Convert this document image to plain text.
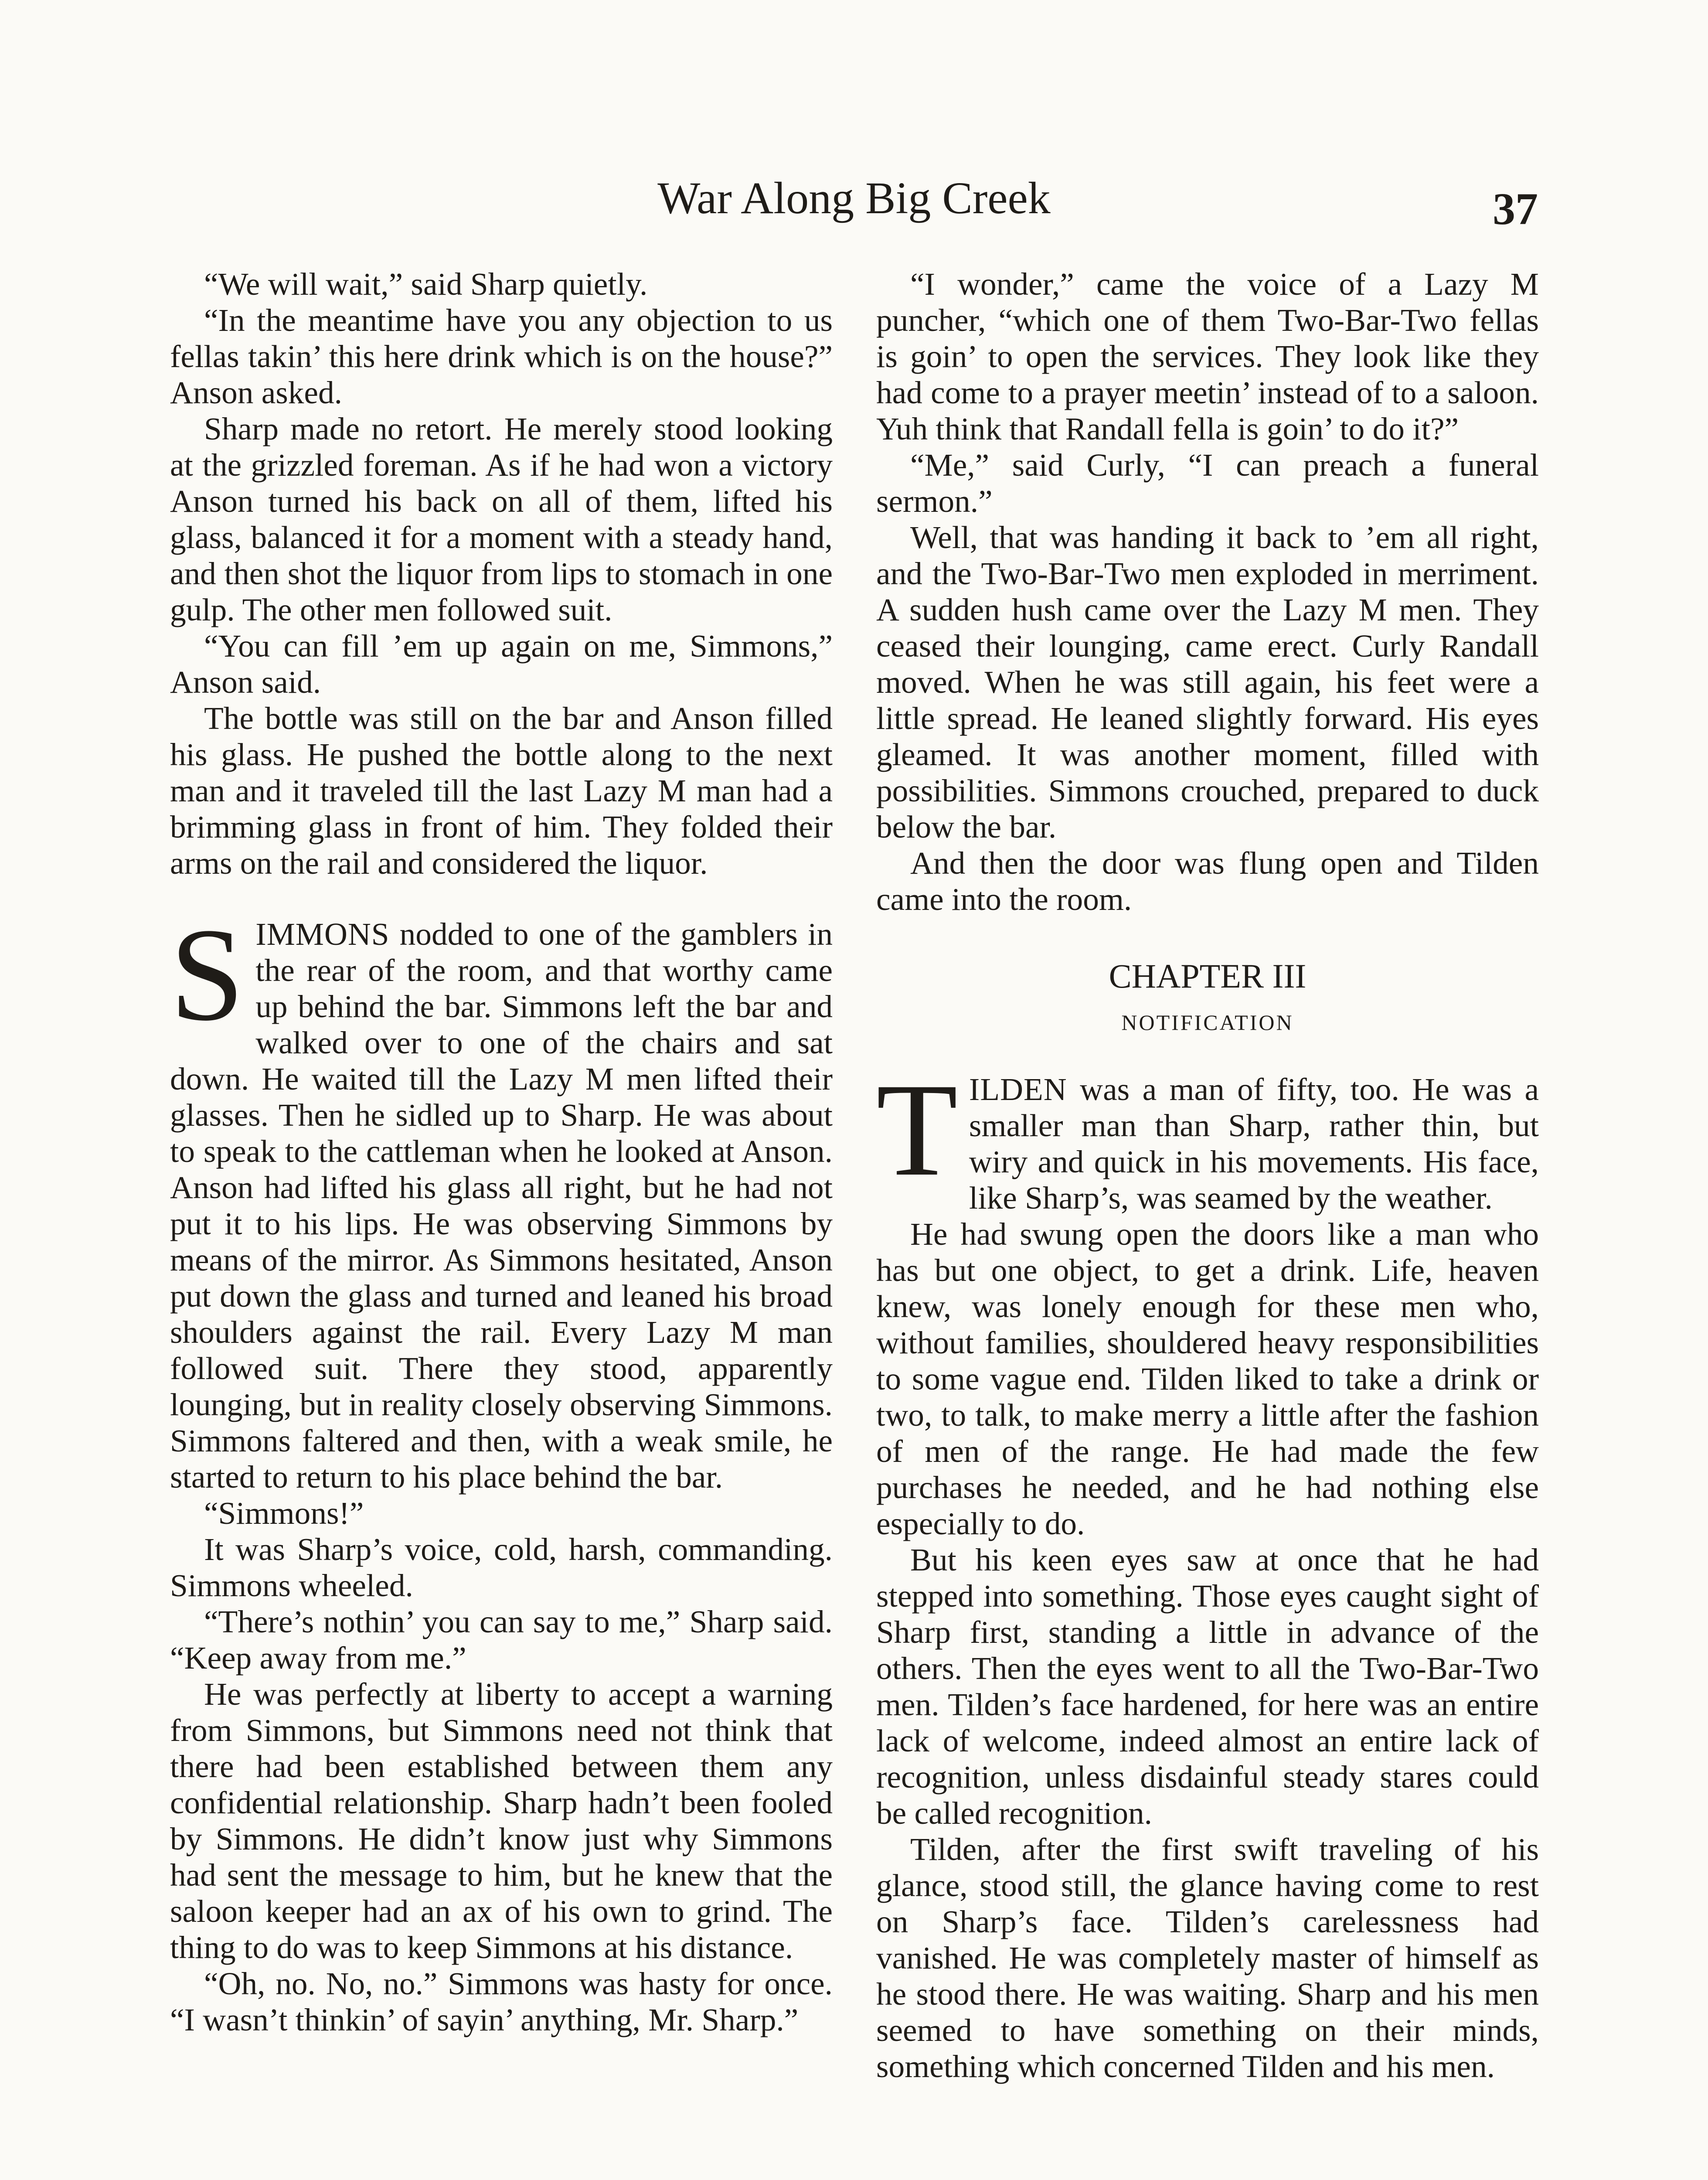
War Along Big Creek	37

“We will wait,” said Sharp quietly.

“In the meantime have you any objection to us fellas takin’ this here drink which is on the house?” Anson asked.

Sharp made no retort. He merely stood looking at the grizzled foreman. As if he had won a victory Anson turned his back on all of them, lifted his glass, balanced it for a moment with a steady hand, and then shot the liquor from lips to stomach in one gulp. The other men followed suit.

“You can fill ’em up again on me, Simmons,” Anson said.

The bottle was still on the bar and Anson filled his glass. He pushed the bottle along to the next man and it traveled till the last Lazy M man had a brimming glass in front of him. They folded their arms on the rail and considered the liquor.

SIMMONS nodded to one of the gamblers in the rear of the room, and that worthy came up behind the bar. Simmons left the bar and walked over to one of the chairs and sat down. He waited till the Lazy M men lifted their glasses. Then he sidled up to Sharp. He was about to speak to the cattleman when he looked at Anson. Anson had lifted his glass all right, but he had not put it to his lips. He was observing Simmons by means of the mirror. As Simmons hesitated, Anson put down the glass and turned and leaned his broad shoulders against the rail. Every Lazy M man followed suit. There they stood, apparently lounging, but in reality closely observing Simmons. Simmons faltered and then, with a weak smile, he started to return to his place behind the bar.

“Simmons!”

It was Sharp’s voice, cold, harsh, commanding. Simmons wheeled.

“There’s nothin’ you can say to me,” Sharp said. “Keep away from me.”

He was perfectly at liberty to accept a warning from Simmons, but Simmons need not think that there had been established between them any confidential relationship. Sharp hadn’t been fooled by Simmons. He didn’t know just why Simmons had sent the message to him, but he knew that the saloon keeper had an ax of his own to grind. The thing to do was to keep Simmons at his distance.

“Oh, no. No, no.” Simmons was hasty for once. “I wasn’t thinkin’ of sayin’ anything, Mr. Sharp.”

“I wonder,” came the voice of a Lazy M puncher, “which one of them Two-Bar-Two fellas is goin’ to open the services. They look like they had come to a prayer meetin’ instead of to a saloon. Yuh think that Randall fella is goin’ to do it?”

“Me,” said Curly, “I can preach a funeral sermon.”

Well, that was handing it back to ’em all right, and the Two-Bar-Two men exploded in merriment. A sudden hush came over the Lazy M men. They ceased their lounging, came erect. Curly Randall moved. When he was still again, his feet were a little spread. He leaned slightly forward. His eyes gleamed. It was another moment, filled with possibilities. Simmons crouched, prepared to duck below the bar.

And then the door was flung open and Tilden came into the room.

CHAPTER III
NOTIFICATION

TILDEN was a man of fifty, too. He was a smaller man than Sharp, rather thin, but wiry and quick in his movements. His face, like Sharp’s, was seamed by the weather.

He had swung open the doors like a man who has but one object, to get a drink. Life, heaven knew, was lonely enough for these men who, without families, shouldered heavy responsibilities to some vague end. Tilden liked to take a drink or two, to talk, to make merry a little after the fashion of men of the range. He had made the few purchases he needed, and he had nothing else especially to do.

But his keen eyes saw at once that he had stepped into something. Those eyes caught sight of Sharp first, standing a little in advance of the others. Then the eyes went to all the Two-Bar-Two men. Tilden’s face hardened, for here was an entire lack of welcome, indeed almost an entire lack of recognition, unless disdainful steady stares could be called recognition.

Tilden, after the first swift traveling of his glance, stood still, the glance having come to rest on Sharp’s face. Tilden’s carelessness had vanished. He was completely master of himself as he stood there. He was waiting. Sharp and his men seemed to have something on their minds, something which concerned Tilden and his men.
